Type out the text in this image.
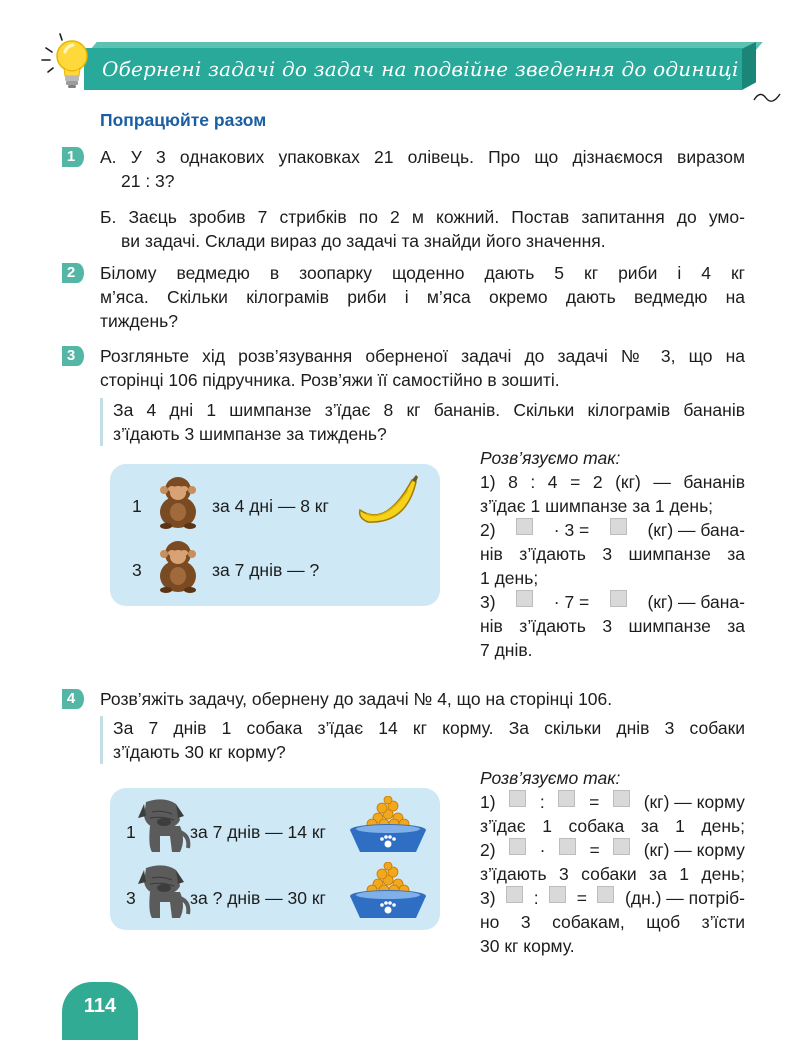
Обернені задачі до задач на подвійне зведення до одиниці
Попрацюйте разом
1	А. У 3 однакових упаковках 21 олівець. Про що дізнаємося виразом
21 : 3?
Б. Заєць зробив 7 стрибків по 2 м кожний. Постав запитання до умо-
ви задачі. Склади вираз до задачі та знайди його значення.
2	Білому ведмедю в зоопарку щоденно дають 5 кг риби і 4 кг
м’яса. Скільки кілограмів риби і м’яса окремо дають ведмедю на
тиждень?
3	Розгляньте хід розв’язування оберненої задачі до задачі № 3, що на
сторінці 106 підручника. Розв’яжи її самостійно в зошиті.
За 4 дні 1 шимпанзе з’їдає 8 кг бананів. Скільки кілограмів бананів
з’їдають 3 шимпанзе за тиждень?
1	за 4 дні — 8 кг
3	за 7 днів — ?
Розв’язуємо так:
1) 8 : 4 = 2 (кг) — бананів
з’їдає 1 шимпанзе за 1 день;
2)	· 3 =	(кг) — бана-
нів з’їдають 3 шимпанзе за
1 день;
3)	· 7 =	(кг) — бана-
нів з’їдають 3 шимпанзе за
7 днів.
4	Розв’яжіть задачу, обернену до задачі № 4, що на сторінці 106.
За 7 днів 1 собака з’їдає 14 кг корму. За скільки днів 3 собаки
з’їдають 30 кг корму?
1	за 7 днів — 14 кг
3	за ? днів — 30 кг
Розв’язуємо так:
1)	:	=	(кг) — корму
з’їдає 1 собака за 1 день;
2)	·	=	(кг) — корму
з’їдають 3 собаки за 1 день;
3) : = (дн.) — потріб-
но 3 собакам, щоб з’їсти
30 кг корму.
114
